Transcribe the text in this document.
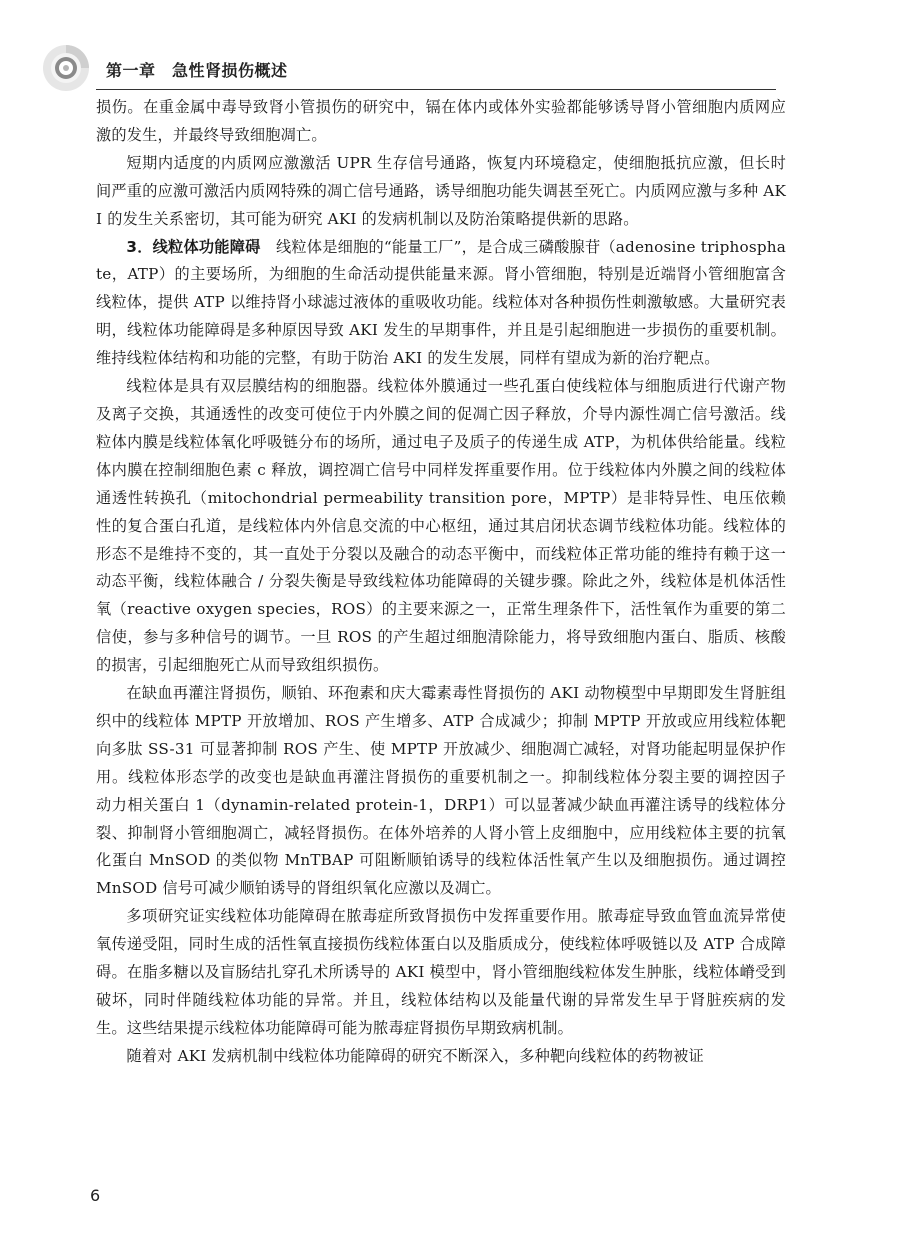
第一章　急性肾损伤概述

损伤。在重金属中毒导致肾小管损伤的研究中，镉在体内或体外实验都能够诱导肾小管细胞内质网应激的发生，并最终导致细胞凋亡。

短期内适度的内质网应激激活 UPR 生存信号通路，恢复内环境稳定，使细胞抵抗应激，但长时间严重的应激可激活内质网特殊的凋亡信号通路，诱导细胞功能失调甚至死亡。内质网应激与多种 AKI 的发生关系密切，其可能为研究 AKI 的发病机制以及防治策略提供新的思路。

3．线粒体功能障碍　线粒体是细胞的“能量工厂”，是合成三磷酸腺苷（adenosine triphosphate，ATP）的主要场所，为细胞的生命活动提供能量来源。肾小管细胞，特别是近端肾小管细胞富含线粒体，提供 ATP 以维持肾小球滤过液体的重吸收功能。线粒体对各种损伤性刺激敏感。大量研究表明，线粒体功能障碍是多种原因导致 AKI 发生的早期事件，并且是引起细胞进一步损伤的重要机制。维持线粒体结构和功能的完整，有助于防治 AKI 的发生发展，同样有望成为新的治疗靶点。

线粒体是具有双层膜结构的细胞器。线粒体外膜通过一些孔蛋白使线粒体与细胞质进行代谢产物及离子交换，其通透性的改变可使位于内外膜之间的促凋亡因子释放，介导内源性凋亡信号激活。线粒体内膜是线粒体氧化呼吸链分布的场所，通过电子及质子的传递生成 ATP，为机体供给能量。线粒体内膜在控制细胞色素 c 释放，调控凋亡信号中同样发挥重要作用。位于线粒体内外膜之间的线粒体通透性转换孔（mitochondrial permeability transition pore，MPTP）是非特异性、电压依赖性的复合蛋白孔道，是线粒体内外信息交流的中心枢纽，通过其启闭状态调节线粒体功能。线粒体的形态不是维持不变的，其一直处于分裂以及融合的动态平衡中，而线粒体正常功能的维持有赖于这一动态平衡，线粒体融合 / 分裂失衡是导致线粒体功能障碍的关键步骤。除此之外，线粒体是机体活性氧（reactive oxygen species，ROS）的主要来源之一，正常生理条件下，活性氧作为重要的第二信使，参与多种信号的调节。一旦 ROS 的产生超过细胞清除能力，将导致细胞内蛋白、脂质、核酸的损害，引起细胞死亡从而导致组织损伤。

在缺血再灌注肾损伤，顺铂、环孢素和庆大霉素毒性肾损伤的 AKI 动物模型中早期即发生肾脏组织中的线粒体 MPTP 开放增加、ROS 产生增多、ATP 合成减少；抑制 MPTP 开放或应用线粒体靶向多肽 SS-31 可显著抑制 ROS 产生、使 MPTP 开放减少、细胞凋亡减轻，对肾功能起明显保护作用。线粒体形态学的改变也是缺血再灌注肾损伤的重要机制之一。抑制线粒体分裂主要的调控因子　动力相关蛋白 1（dynamin-related protein-1，DRP1）可以显著减少缺血再灌注诱导的线粒体分裂、抑制肾小管细胞凋亡，减轻肾损伤。在体外培养的人肾小管上皮细胞中，应用线粒体主要的抗氧化蛋白 MnSOD 的类似物 MnTBAP 可阻断顺铂诱导的线粒体活性氧产生以及细胞损伤。通过调控 MnSOD 信号可减少顺铂诱导的肾组织氧化应激以及凋亡。

多项研究证实线粒体功能障碍在脓毒症所致肾损伤中发挥重要作用。脓毒症导致血管血流异常使氧传递受阻，同时生成的活性氧直接损伤线粒体蛋白以及脂质成分，使线粒体呼吸链以及 ATP 合成障碍。在脂多糖以及盲肠结扎穿孔术所诱导的 AKI 模型中，肾小管细胞线粒体发生肿胀，线粒体嵴受到破坏，同时伴随线粒体功能的异常。并且，线粒体结构以及能量代谢的异常发生早于肾脏疾病的发生。这些结果提示线粒体功能障碍可能为脓毒症肾损伤早期致病机制。

随着对 AKI 发病机制中线粒体功能障碍的研究不断深入，多种靶向线粒体的药物被证

6
